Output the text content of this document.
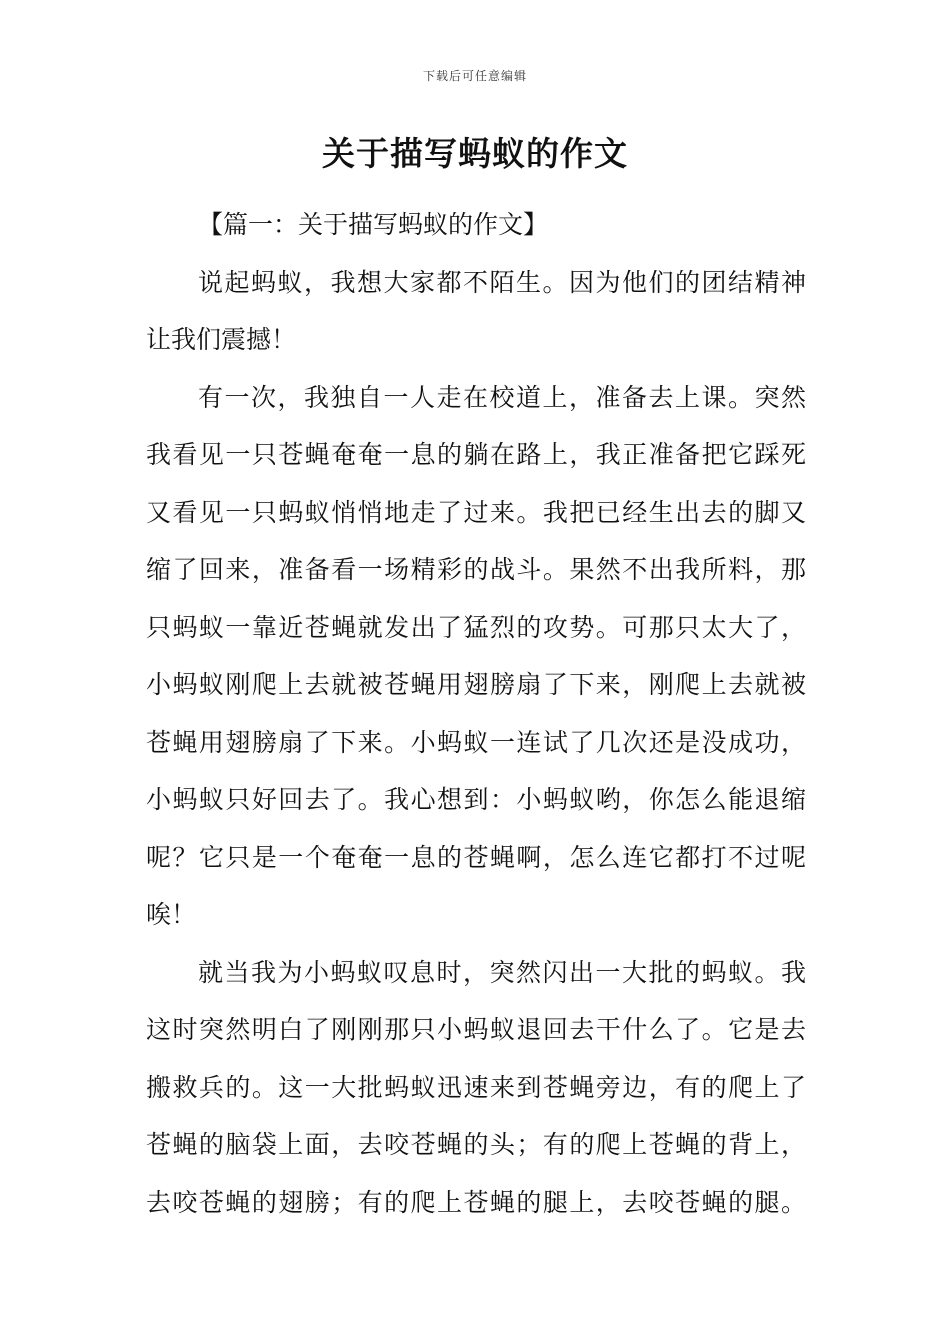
下载后可任意编辑
关于描写蚂蚁的作文
【篇一：关于描写蚂蚁的作文】
说起蚂蚁，我想大家都不陌生。因为他们的团结精神
让我们震撼！
有一次，我独自一人走在校道上，准备去上课。突然
我看见一只苍蝇奄奄一息的躺在路上，我正准备把它踩死
又看见一只蚂蚁悄悄地走了过来。我把已经生出去的脚又
缩了回来，准备看一场精彩的战斗。果然不出我所料，那
只蚂蚁一靠近苍蝇就发出了猛烈的攻势。可那只太大了，
小蚂蚁刚爬上去就被苍蝇用翅膀扇了下来，刚爬上去就被
苍蝇用翅膀扇了下来。小蚂蚁一连试了几次还是没成功，
小蚂蚁只好回去了。我心想到：小蚂蚁哟，你怎么能退缩
呢？它只是一个奄奄一息的苍蝇啊，怎么连它都打不过呢
唉！
就当我为小蚂蚁叹息时，突然闪出一大批的蚂蚁。我
这时突然明白了刚刚那只小蚂蚁退回去干什么了。它是去
搬救兵的。这一大批蚂蚁迅速来到苍蝇旁边，有的爬上了
苍蝇的脑袋上面，去咬苍蝇的头；有的爬上苍蝇的背上，
去咬苍蝇的翅膀；有的爬上苍蝇的腿上，去咬苍蝇的腿。
